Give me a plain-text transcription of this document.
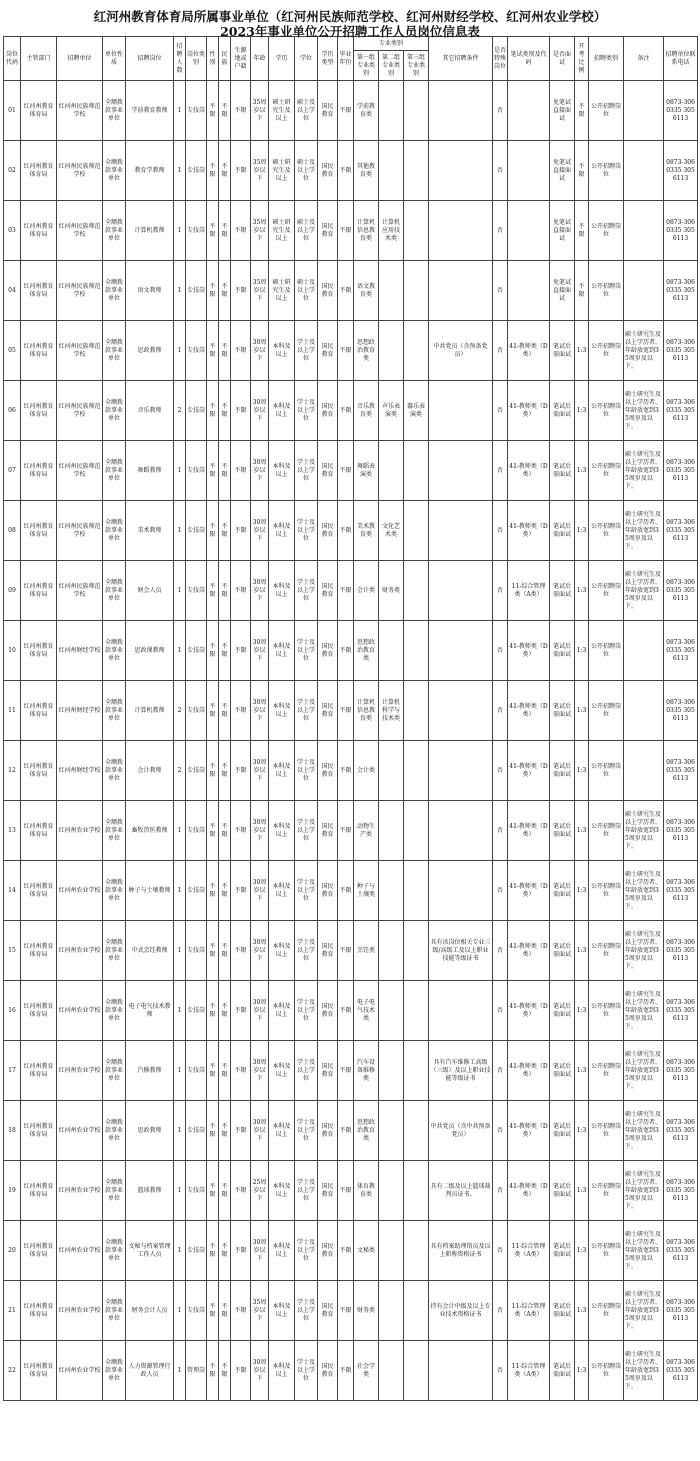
红河州教育体育局所属事业单位（红河州民族师范学校、红河州财经学校、红河州农业学校）
2023年事业单位公开招聘工作人员岗位信息表
岗位代码	主管部门	招聘单位	单位性质	招聘岗位	招聘人数	岗位类别	性别	民族	生源地或户籍	年龄	学历	学位	学历类型	毕业年份	专业类别			其它招聘条件	是否特殊岗位	笔试类别及代码	是否面试	开考比例	招聘类别	备注	招聘单位联系电话
															第一组专业类别	第二组专业类别	第三组专业类别								
01	红河州教育体育局	红河州民族师范学校	全额拨款事业单位	学前教育教师	1	专技岗	不限	不限	不限	35周岁以下	硕士研究生及以上	硕士及以上学位	国民教育	不限	学前教育类				否		免笔试直接面试	不限	公开招聘岗位		0873-3060335 3056113
02	红河州教育体育局	红河州民族师范学校	全额拨款事业单位	教育学教师	1	专技岗	不限	不限	不限	35周岁以下	硕士研究生及以上	硕士及以上学位	国民教育	不限	其他教育类				否		免笔试直接面试	不限	公开招聘岗位		0873-3060335 3056113
03	红河州教育体育局	红河州民族师范学校	全额拨款事业单位	计算机教师	1	专技岗	不限	不限	不限	35周岁以下	硕士研究生及以上	硕士及以上学位	国民教育	不限	计算机信息教育类	计算机应用技术类			否		免笔试直接面试	不限	公开招聘岗位		0873-3060335 3056113
04	红河州教育体育局	红河州民族师范学校	全额拨款事业单位	语文教师	1	专技岗	不限	不限	不限	35周岁以下	硕士研究生及以上	硕士及以上学位	国民教育	不限	语文教育类				否		免笔试直接面试	不限	公开招聘岗位		0873-3060335 3056113
05	红河州教育体育局	红河州民族师范学校	全额拨款事业单位	思政教师	1	专技岗	不限	不限	不限	30周岁以下	本科及以上	学士及以上学位	国民教育	不限	思想政治教育类			中共党员（含预备党员）	否	41-教师类（D类）	笔试后需面试	1:3	公开招聘岗位	硕士研究生及以上学历者，年龄放宽到35周岁及以下。	0873-3060335 3056113
06	红河州教育体育局	红河州民族师范学校	全额拨款事业单位	音乐教师	2	专技岗	不限	不限	不限	30周岁以下	本科及以上	学士及以上学位	国民教育	不限	音乐教育类	声乐表演类	器乐表演类		否	41-教师类（D类）	笔试后需面试	1:3	公开招聘岗位	硕士研究生及以上学历者，年龄放宽到35周岁及以下。	0873-3060335 3056113
07	红河州教育体育局	红河州民族师范学校	全额拨款事业单位	舞蹈教师	1	专技岗	不限	不限	不限	30周岁以下	本科及以上	学士及以上学位	国民教育	不限	舞蹈表演类				否	41-教师类（D类）	笔试后需面试	1:3	公开招聘岗位	硕士研究生及以上学历者，年龄放宽到35周岁及以下。	0873-3060335 3056113
08	红河州教育体育局	红河州民族师范学校	全额拨款事业单位	美术教师	1	专技岗	不限	不限	不限	30周岁以下	本科及以上	学士及以上学位	国民教育	不限	美术教育类	文化艺术类			否	41-教师类（D类）	笔试后需面试	1:3	公开招聘岗位	硕士研究生及以上学历者，年龄放宽到35周岁及以下。	0873-3060335 3056113
09	红河州教育体育局	红河州民族师范学校	全额拨款事业单位	财会人员	1	专技岗	不限	不限	不限	30周岁以下	本科及以上	学士及以上学位	国民教育	不限	会计类	财务类			否	11-综合管理类（A类）	笔试后需面试	1:3	公开招聘岗位	硕士研究生及以上学历者，年龄放宽到35周岁及以下。	0873-3060335 3056113
10	红河州教育体育局	红河州财经学校	全额拨款事业单位	思政课教师	1	专技岗	不限	不限	不限	30周岁以下	本科及以上	学士及以上学位	国民教育	不限	思想政治教育类				否	41-教师类（D类）	笔试后需面试	1:3	公开招聘岗位		0873-3060335 3056113
11	红河州教育体育局	红河州财经学校	全额拨款事业单位	计算机教师	2	专技岗	不限	不限	不限	30周岁以下	本科及以上	学士及以上学位	国民教育	不限	计算机信息教育类	计算机科学与技术类			否	41-教师类（D类）	笔试后需面试	1:3	公开招聘岗位		0873-3060335 3056113
12	红河州教育体育局	红河州财经学校	全额拨款事业单位	会计教师	2	专技岗	不限	不限	不限	30周岁以下	本科及以上	学士及以上学位	国民教育	不限	会计类				否	41-教师类（D类）	笔试后需面试	1:3	公开招聘岗位		0873-3060335 3056113
13	红河州教育体育局	红河州农业学校	全额拨款事业单位	畜牧兽医教师	1	专技岗	不限	不限	不限	30周岁以下	本科及以上	学士及以上学位	国民教育	不限	动物生产类				否	41-教师类（D类）	笔试后需面试	1:3	公开招聘岗位	硕士研究生及以上学历者，年龄放宽到35周岁及以下。	0873-3060335 3056113
14	红河州教育体育局	红河州农业学校	全额拨款事业单位	种子与土壤教师	1	专技岗	不限	不限	不限	30周岁以下	本科及以上	学士及以上学位	国民教育	不限	种子与土壤类				否	41-教师类（D类）	笔试后需面试	1:3	公开招聘岗位	硕士研究生及以上学历者，年龄放宽到35周岁及以下。	0873-3060335 3056113
15	红河州教育体育局	红河州农业学校	全额拨款事业单位	中式烹饪教师	1	专技岗	不限	不限	不限	30周岁以下	本科及以上	学士及以上学位	国民教育	不限	烹饪类			具有该岗位相关专业三级/高级工及以上职业技能等级证书	否	41-教师类（D类）	笔试后需面试	1:3	公开招聘岗位	硕士研究生及以上学历者，年龄放宽到35周岁及以下。	0873-3060335 3056113
16	红河州教育体育局	红河州农业学校	全额拨款事业单位	电子电气技术教师	1	专技岗	不限	不限	不限	30周岁以下	本科及以上	学士及以上学位	国民教育	不限	电子电气技术类				否	41-教师类（D类）	笔试后需面试	1:3	公开招聘岗位	硕士研究生及以上学历者，年龄放宽到35周岁及以下。	0873-3060335 3056113
17	红河州教育体育局	红河州农业学校	全额拨款事业单位	汽修教师	1	专技岗	不限	不限	不限	30周岁以下	本科及以上	学士及以上学位	国民教育	不限	汽车设备维修类			具有汽车维修工高级（三级）及以上职业技能等级证书	否	41-教师类（D类）	笔试后需面试	1:3	公开招聘岗位	硕士研究生及以上学历者，年龄放宽到35周岁及以下。	0873-3060335 3056113
18	红河州教育体育局	红河州农业学校	全额拨款事业单位	思政教师	1	专技岗	不限	不限	不限	30周岁以下	本科及以上	学士及以上学位	国民教育	不限	思想政治教育类			中共党员（含中共预备党员）	否	41-教师类（D类）	笔试后需面试	1:3	公开招聘岗位	硕士研究生及以上学历者，年龄放宽到35周岁及以下。	0873-3060335 3056113
19	红河州教育体育局	红河州农业学校	全额拨款事业单位	篮球教师	1	专技岗	不限	不限	不限	25周岁以下	本科及以上	学士及以上学位	国民教育	不限	体育教育类			具有二级及以上篮球裁判员证书。	否	41-教师类（D类）	笔试后需面试	1:3	公开招聘岗位	硕士研究生及以上学历者，年龄放宽到35周岁及以下。	0873-3060335 3056113
20	红河州教育体育局	红河州农业学校	全额拨款事业单位	文秘与档案管理工作人员	1	专技岗	不限	不限	不限	30周岁以下	本科及以上	学士及以上学位	国民教育	不限	文秘类			具有档案助理馆员及以上职称资格证书	否	11-综合管理类（A类）	笔试后需面试	1:3	公开招聘岗位	硕士研究生及以上学历者，年龄放宽到35周岁及以下。	0873-3060335 3056113
21	红河州教育体育局	红河州农业学校	全额拨款事业单位	财务会计人员	1	专技岗	不限	不限	不限	35周岁以下	本科及以上	学士及以上学位	国民教育	不限	财务类			持有会计中级及以上专业技术资格证书	否	11-综合管理类（A类）	笔试后需面试	1:3	公开招聘岗位	硕士研究生及以上学历者，年龄放宽到35周岁及以下。	0873-3060335 3056113
22	红河州教育体育局	红河州农业学校	全额拨款事业单位	人力资源管理行政人员	1	管理岗	不限	不限	不限	30周岁以下	本科及以上	学士及以上学位	国民教育	不限	社会学类				否	11-综合管理类（A类）	笔试后需面试	1:3	公开招聘岗位	硕士研究生及以上学历者，年龄放宽到35周岁及以下。	0873-3060335 3056113
